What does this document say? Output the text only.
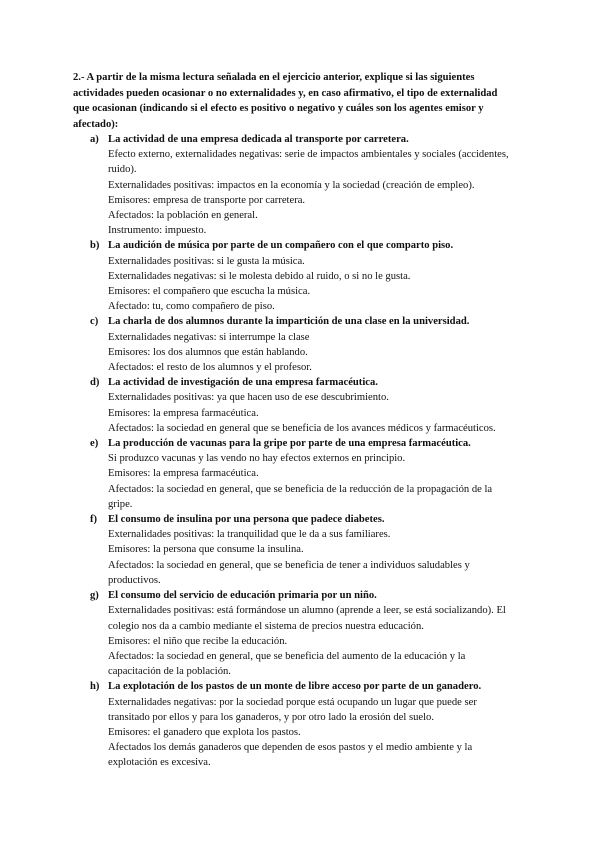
2.- A partir de la misma lectura señalada en el ejercicio anterior, explique si las siguientes actividades pueden ocasionar o no externalidades y, en caso afirmativo, el tipo de externalidad que ocasionan (indicando si el efecto es positivo o negativo y cuáles son los agentes emisor y afectado):

a) La actividad de una empresa dedicada al transporte por carretera.
Efecto externo, externalidades negativas: serie de impactos ambientales y sociales (accidentes, ruido).
Externalidades positivas: impactos en la economía y la sociedad (creación de empleo).
Emisores: empresa de transporte por carretera.
Afectados: la población en general.
Instrumento: impuesto.
b) La audición de música por parte de un compañero con el que comparto piso.
Externalidades positivas: si le gusta la música.
Externalidades negativas: si le molesta debido al ruido, o si no le gusta.
Emisores: el compañero que escucha la música.
Afectado: tu, como compañero de piso.
c) La charla de dos alumnos durante la impartición de una clase en la universidad.
Externalidades negativas: si interrumpe la clase
Emisores: los dos alumnos que están hablando.
Afectados: el resto de los alumnos y el profesor.
d) La actividad de investigación de una empresa farmacéutica.
Externalidades positivas: ya que hacen uso de ese descubrimiento.
Emisores: la empresa farmacéutica.
Afectados: la sociedad en general que se beneficia de los avances médicos y farmacéuticos.
e) La producción de vacunas para la gripe por parte de una empresa farmacéutica.
Si produzco vacunas y las vendo no hay efectos externos en principio.
Emisores: la empresa farmacéutica.
Afectados: la sociedad en general, que se beneficia de la reducción de la propagación de la gripe.
f) El consumo de insulina por una persona que padece diabetes.
Externalidades positivas: la tranquilidad que le da a sus familiares.
Emisores: la persona que consume la insulina.
Afectados: la sociedad en general, que se beneficia de tener a individuos saludables y productivos.
g) El consumo del servicio de educación primaria por un niño.
Externalidades positivas: está formándose un alumno (aprende a leer, se está socializando). El colegio nos da a cambio mediante el sistema de precios nuestra educación.
Emisores: el niño que recibe la educación.
Afectados: la sociedad en general, que se beneficia del aumento de la educación y la capacitación de la población.
h) La explotación de los pastos de un monte de libre acceso por parte de un ganadero.
Externalidades negativas: por la sociedad porque está ocupando un lugar que puede ser transitado por ellos y para los ganaderos, y por otro lado la erosión del suelo.
Emisores: el ganadero que explota los pastos.
Afectados los demás ganaderos que dependen de esos pastos y el medio ambiente y la explotación es excesiva.
